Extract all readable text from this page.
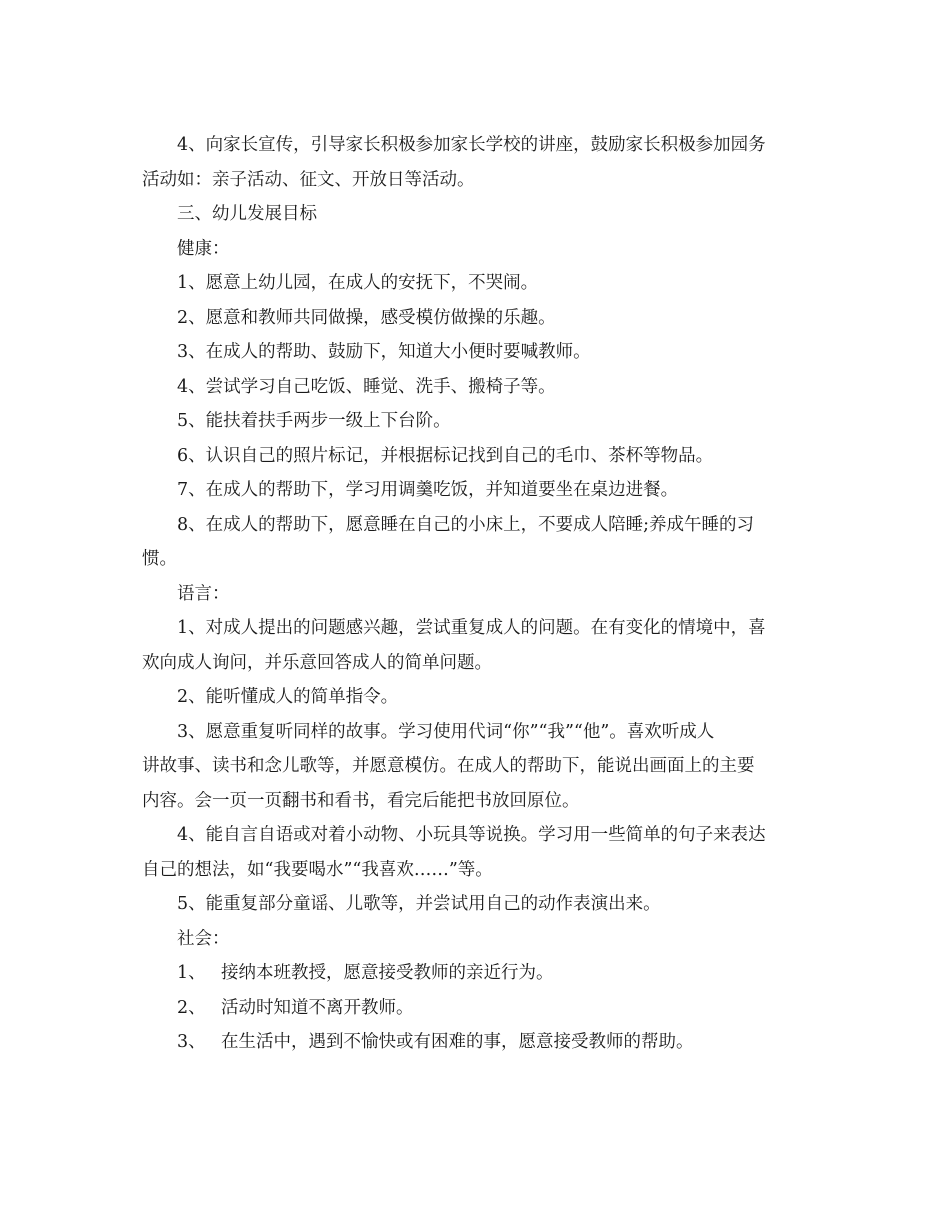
4、向家长宣传，引导家长积极参加家长学校的讲座，鼓励家长积极参加园务
活动如：亲子活动、征文、开放日等活动。
三、幼儿发展目标
健康：
1、愿意上幼儿园，在成人的安抚下，不哭闹。
2、愿意和教师共同做操，感受模仿做操的乐趣。
3、在成人的帮助、鼓励下，知道大小便时要喊教师。
4、尝试学习自己吃饭、睡觉、洗手、搬椅子等。
5、能扶着扶手两步一级上下台阶。
6、认识自己的照片标记，并根据标记找到自己的毛巾、茶杯等物品。
7、在成人的帮助下，学习用调羹吃饭，并知道要坐在桌边进餐。
8、在成人的帮助下，愿意睡在自己的小床上，不要成人陪睡;养成午睡的习
惯。
语言：
1、对成人提出的问题感兴趣，尝试重复成人的问题。在有变化的情境中，喜
欢向成人询问，并乐意回答成人的简单问题。
2、能听懂成人的简单指令。
3、愿意重复听同样的故事。学习使用代词“你”“我”“他”。喜欢听成人
讲故事、读书和念儿歌等，并愿意模仿。在成人的帮助下，能说出画面上的主要
内容。会一页一页翻书和看书，看完后能把书放回原位。
4、能自言自语或对着小动物、小玩具等说换。学习用一些简单的句子来表达
自己的想法，如“我要喝水”“我喜欢……”等。
5、能重复部分童谣、儿歌等，并尝试用自己的动作表演出来。
社会：
1、 接纳本班教授，愿意接受教师的亲近行为。
2、 活动时知道不离开教师。
3、 在生活中，遇到不愉快或有困难的事，愿意接受教师的帮助。
